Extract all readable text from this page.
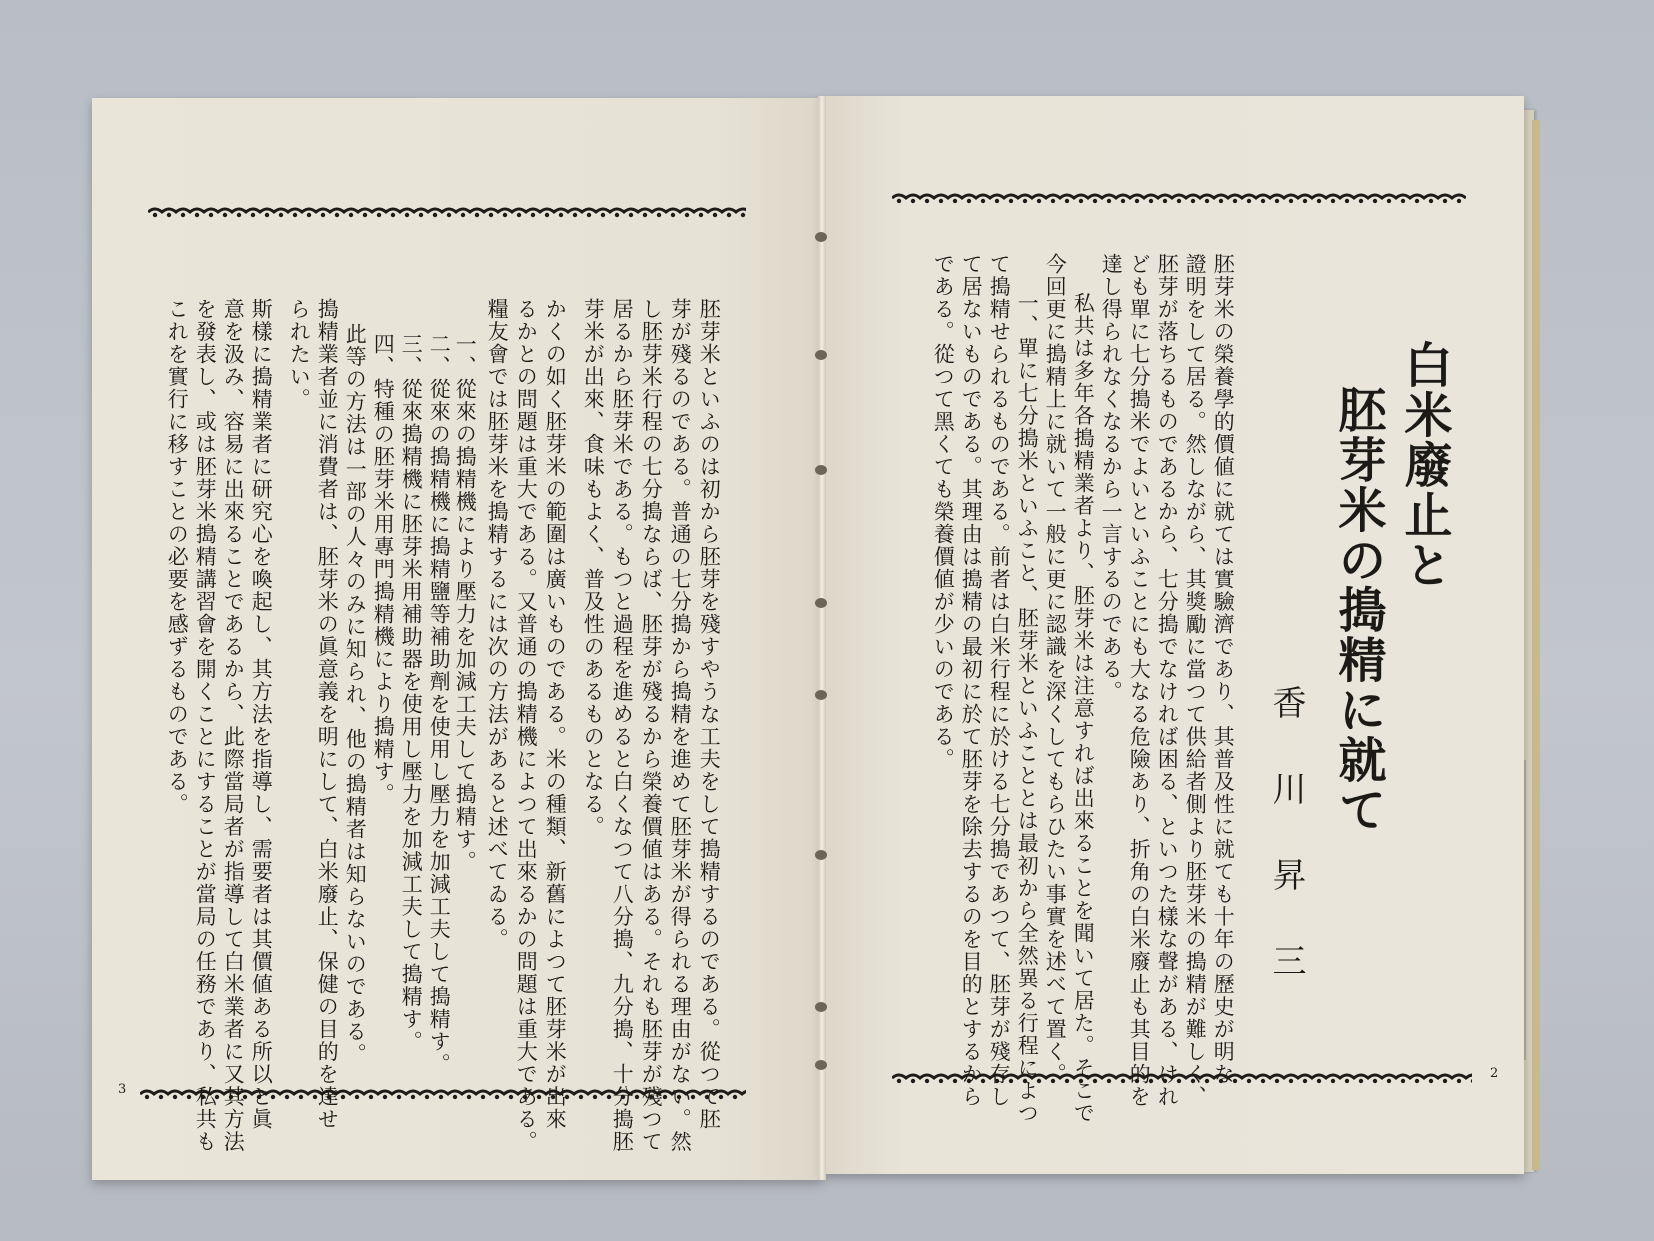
胚芽米といふのは初から胚芽を殘すやうな工夫をして搗精するのである。從つて胚
芽が殘るのである。普通の七分搗から搗精を進めて胚芽米が得られる理由がない。然
し胚芽米行程の七分搗ならば、胚芽が殘るから榮養價値はある。それも胚芽が殘つて
居るから胚芽米である。もつと過程を進めると白くなつて八分搗、九分搗、十分搗胚
芽米が出來、食味もよく、普及性のあるものとなる。
かくの如く胚芽米の範圍は廣いものである。米の種類、新舊によつて胚芽米が出來
るかとの問題は重大である。又普通の搗精機によつて出來るかの問題は重大である。
糧友會では胚芽米を搗精するには次の方法があると述べてゐる。
一、從來の搗精機により壓力を加減工夫して搗精す。
二、從來の搗精機に搗精鹽等補助劑を使用し壓力を加減工夫して搗精す。
三、從來搗精機に胚芽米用補助器を使用し壓力を加減工夫して搗精す。
四、特種の胚芽米用專門搗精機により搗精す。
此等の方法は一部の人々のみに知られ、他の搗精者は知らないのである。
搗精業者並に消費者は、胚芽米の眞意義を明にして、白米廢止、保健の目的を達せ
られたい。
斯樣に搗精業者に研究心を喚起し、其方法を指導し、需要者は其價値ある所以と眞
意を汲み、容易に出來ることであるから、此際當局者が指導して白米業者に又其方法
を發表し、或は胚芽米搗精講習會を開くことにすることが當局の任務であり、私共も
これを實行に移すことの必要を感ずるものである。	胚芽米の榮養學的價値に就ては實驗濟であり、其普及性に就ても十年の歷史が明な
證明をして居る。然しながら、其獎勵に當つて供給者側より胚芽米の搗精が難しく、
胚芽が落ちるものであるから、七分搗でなければ困る、といつた樣な聲がある、けれ
ども單に七分搗米でよいといふことにも大なる危險あり、折角の白米廢止も其目的を
達し得られなくなるから一言するのである。
私共は多年各搗精業者より、胚芽米は注意すれば出來ることを聞いて居た。そこで
今回更に搗精上に就いて一般に更に認識を深くしてもらひたい事實を述べて置く。
一、單に七分搗米といふこと、胚芽米といふこととは最初から全然異る行程によつ
て搗精せられるものである。前者は白米行程に於ける七分搗であつて、胚芽が殘存し
て居ないものである。其理由は搗精の最初に於て胚芽を除去するのを目的とするから
である。從つて黑くても榮養價値が少いのである。	白米廢止と
胚芽米の搗精に就て
香川昇三
3
2
